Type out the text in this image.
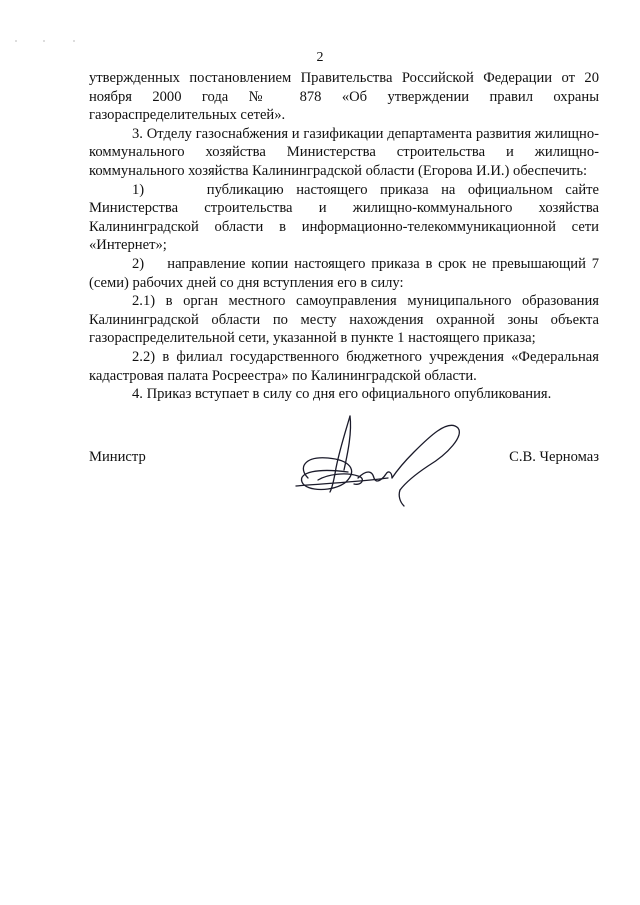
2

утвержденных постановлением Правительства Российской Федерации от 20 ноября 2000 года № 878 «Об утверждении правил охраны газораспределительных сетей».

3. Отделу газоснабжения и газификации департамента развития жилищно-коммунального хозяйства Министерства строительства и жилищно-коммунального хозяйства Калининградской области (Егорова И.И.) обеспечить:

1)     публикацию настоящего приказа на официальном сайте Министерства строительства и жилищно-коммунального хозяйства Калининградской области в информационно-телекоммуникационной сети «Интернет»;

2)    направление копии настоящего приказа в срок не превышающий 7 (семи) рабочих дней со дня вступления его в силу:

2.1) в орган местного самоуправления муниципального образования Калининградской области по месту нахождения охранной зоны объекта газораспределительной сети, указанной в пункте 1 настоящего приказа;

2.2) в филиал государственного бюджетного учреждения «Федеральная кадастровая палата Росреестра» по Калининградской области.

4. Приказ вступает в силу со дня его официального опубликования.

Министр	С.В. Черномаз
